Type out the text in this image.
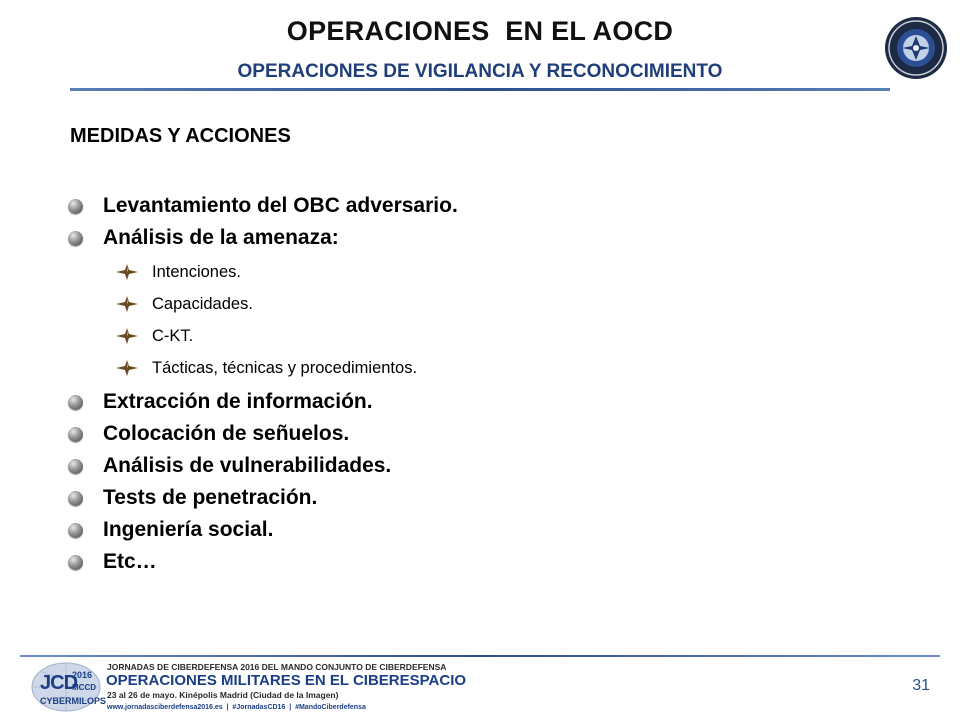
OPERACIONES  EN EL AOCD
OPERACIONES DE VIGILANCIA Y RECONOCIMIENTO
MEDIDAS Y ACCIONES
Levantamiento del OBC adversario.
Análisis de la amenaza:
Intenciones.
Capacidades.
C-KT.
Tácticas, técnicas y procedimientos.
Extracción de información.
Colocación de señuelos.
Análisis de vulnerabilidades.
Tests de penetración.
Ingeniería social.
Etc…
JCD
2016
MCCD
CYBERMILOPS
JORNADAS DE CIBERDEFENSA 2016 DEL MANDO CONJUNTO DE CIBERDEFENSA
OPERACIONES MILITARES EN EL CIBERESPACIO
23 al 26 de mayo. Kinépolis Madrid (Ciudad de la Imagen)
www.jornadasciberdefensa2016.es  |  #JornadasCD16  |  #MandoCiberdefensa
31
